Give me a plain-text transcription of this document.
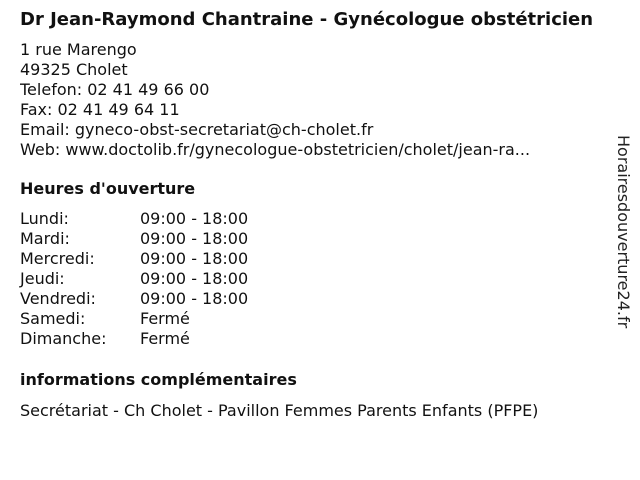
Dr Jean-Raymond Chantraine - Gynécologue obstétricien
1 rue Marengo
49325 Cholet
Telefon: 02 41 49 66 00
Fax: 02 41 49 64 11
Email: gyneco-obst-secretariat@ch-cholet.fr
Web: www.doctolib.fr/gynecologue-obstetricien/cholet/jean-ra...
Heures d'ouverture
Lundi:	09:00 - 18:00
Mardi:	09:00 - 18:00
Mercredi:	09:00 - 18:00
Jeudi:	09:00 - 18:00
Vendredi:	09:00 - 18:00
Samedi:	Fermé
Dimanche:	Fermé
informations complémentaires
Secrétariat - Ch Cholet - Pavillon Femmes Parents Enfants (PFPE)
Horairesdouverture24.fr
